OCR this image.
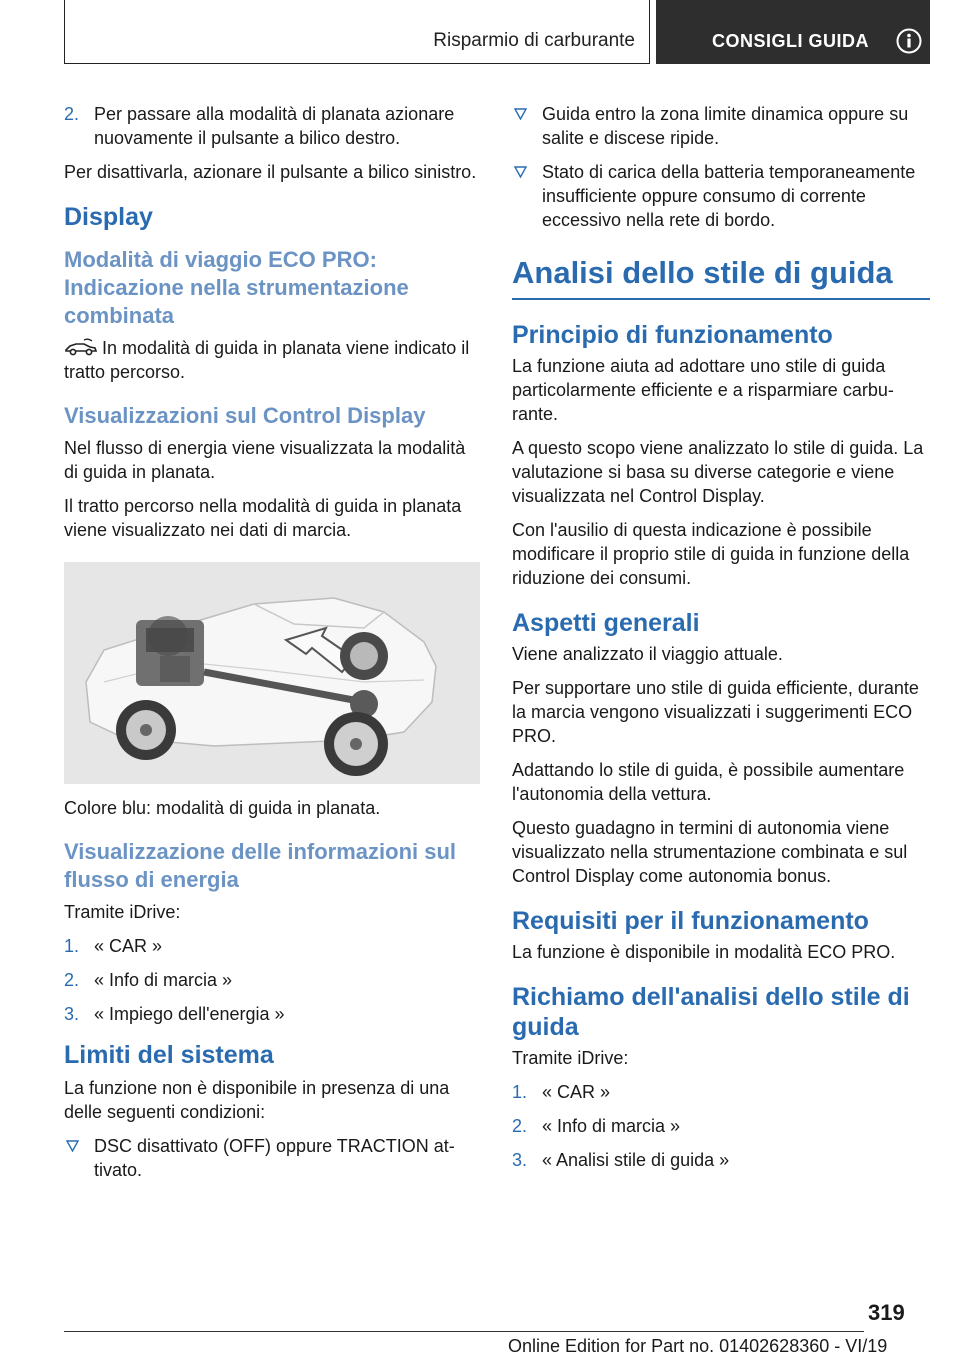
Risparmio di carburante	CONSIGLI GUIDA
2. Per passare alla modalità di planata azionare nuovamente il pulsante a bilico destro.

Per disattivarla, azionare il pulsante a bilico sinistro.

Display
Modalità di viaggio ECO PRO: Indicazione nella strumentazione combinata

In modalità di guida in planata viene indicato il tratto percorso.

Visualizzazioni sul Control Display

Nel flusso di energia viene visualizzata la modalità di guida in planata.

Il tratto percorso nella modalità di guida in planata viene visualizzato nei dati di marcia.

Colore blu: modalità di guida in planata.

Visualizzazione delle informazioni sul flusso di energia

Tramite iDrive:

1. « CAR »
2. « Info di marcia »
3. « Impiego dell'energia »
Limiti del sistema

La funzione non è disponibile in presenza di una delle seguenti condizioni:

DSC disattivato (OFF) oppure TRACTION attivato.
Guida entro la zona limite dinamica oppure su salite e discese ripide.
Stato di carica della batteria temporaneamente insufficiente oppure consumo di corrente eccessivo nella rete di bordo.
Analisi dello stile di guida
Principio di funzionamento

La funzione aiuta ad adottare uno stile di guida particolarmente efficiente e a risparmiare carburante.

A questo scopo viene analizzato lo stile di guida. La valutazione si basa su diverse categorie e viene visualizzata nel Control Display.

Con l'ausilio di questa indicazione è possibile modificare il proprio stile di guida in funzione della riduzione dei consumi.

Aspetti generali

Viene analizzato il viaggio attuale.

Per supportare uno stile di guida efficiente, durante la marcia vengono visualizzati i suggerimenti ECO PRO.

Adattando lo stile di guida, è possibile aumentare l'autonomia della vettura.

Questo guadagno in termini di autonomia viene visualizzato nella strumentazione combinata e sul Control Display come autonomia bonus.

Requisiti per il funzionamento

La funzione è disponibile in modalità ECO PRO.

Richiamo dell'analisi dello stile di guida

Tramite iDrive:

1. « CAR »
2. « Info di marcia »
3. « Analisi stile di guida »
319
Online Edition for Part no. 01402628360 - VI/19
